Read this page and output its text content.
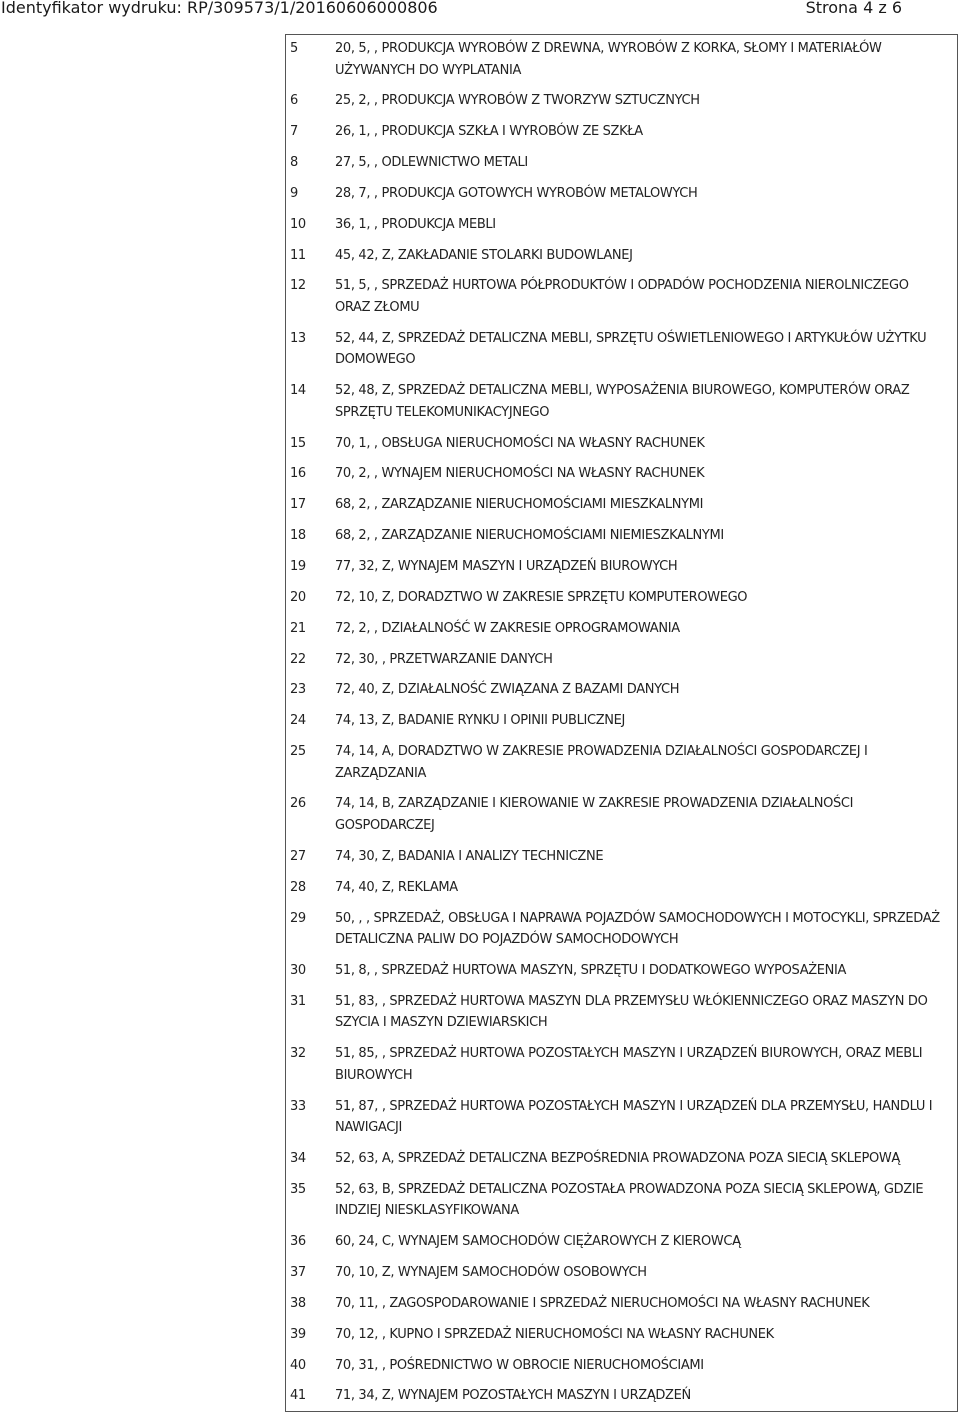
Identyfikator wydruku: RP/309573/1/20160606000806	Strona 4 z 6
5	20, 5, , PRODUKCJA WYROBÓW Z DREWNA, WYROBÓW Z KORKA, SŁOMY I MATERIAŁÓW UŻYWANYCH DO WYPLATANIA
6	25, 2, , PRODUKCJA WYROBÓW Z TWORZYW SZTUCZNYCH
7	26, 1, , PRODUKCJA SZKŁA I WYROBÓW ZE SZKŁA
8	27, 5, , ODLEWNICTWO METALI
9	28, 7, , PRODUKCJA GOTOWYCH WYROBÓW METALOWYCH
10	36, 1, , PRODUKCJA MEBLI
11	45, 42, Z, ZAKŁADANIE STOLARKI BUDOWLANEJ
12	51, 5, , SPRZEDAŻ HURTOWA PÓŁPRODUKTÓW I ODPADÓW POCHODZENIA NIEROLNICZEGO ORAZ ZŁOMU
13	52, 44, Z, SPRZEDAŻ DETALICZNA MEBLI, SPRZĘTU OŚWIETLENIOWEGO I ARTYKUŁÓW UŻYTKU DOMOWEGO
14	52, 48, Z, SPRZEDAŻ DETALICZNA MEBLI, WYPOSAŻENIA BIUROWEGO, KOMPUTERÓW ORAZ SPRZĘTU TELEKOMUNIKACYJNEGO
15	70, 1, , OBSŁUGA NIERUCHOMOŚCI NA WŁASNY RACHUNEK
16	70, 2, , WYNAJEM NIERUCHOMOŚCI NA WŁASNY RACHUNEK
17	68, 2, , ZARZĄDZANIE NIERUCHOMOŚCIAMI MIESZKALNYMI
18	68, 2, , ZARZĄDZANIE NIERUCHOMOŚCIAMI NIEMIESZKALNYMI
19	77, 32, Z, WYNAJEM MASZYN I URZĄDZEŃ BIUROWYCH
20	72, 10, Z, DORADZTWO W ZAKRESIE SPRZĘTU KOMPUTEROWEGO
21	72, 2, , DZIAŁALNOŚĆ W ZAKRESIE OPROGRAMOWANIA
22	72, 30, , PRZETWARZANIE DANYCH
23	72, 40, Z, DZIAŁALNOŚĆ ZWIĄZANA Z BAZAMI DANYCH
24	74, 13, Z, BADANIE RYNKU I OPINII PUBLICZNEJ
25	74, 14, A, DORADZTWO W ZAKRESIE PROWADZENIA DZIAŁALNOŚCI GOSPODARCZEJ I ZARZĄDZANIA
26	74, 14, B, ZARZĄDZANIE I KIEROWANIE W ZAKRESIE PROWADZENIA DZIAŁALNOŚCI GOSPODARCZEJ
27	74, 30, Z, BADANIA I ANALIZY TECHNICZNE
28	74, 40, Z, REKLAMA
29	50, , , SPRZEDAŻ, OBSŁUGA I NAPRAWA POJAZDÓW SAMOCHODOWYCH I MOTOCYKLI, SPRZEDAŻ DETALICZNA PALIW DO POJAZDÓW SAMOCHODOWYCH
30	51, 8, , SPRZEDAŻ HURTOWA MASZYN, SPRZĘTU I DODATKOWEGO WYPOSAŻENIA
31	51, 83, , SPRZEDAŻ HURTOWA MASZYN DLA PRZEMYSŁU WŁÓKIENNICZEGO ORAZ MASZYN DO SZYCIA I MASZYN DZIEWIARSKICH
32	51, 85, , SPRZEDAŻ HURTOWA POZOSTAŁYCH MASZYN I URZĄDZEŃ BIUROWYCH, ORAZ MEBLI BIUROWYCH
33	51, 87, , SPRZEDAŻ HURTOWA POZOSTAŁYCH MASZYN I URZĄDZEŃ DLA PRZEMYSŁU, HANDLU I NAWIGACJI
34	52, 63, A, SPRZEDAŻ DETALICZNA BEZPOŚREDNIA PROWADZONA POZA SIECIĄ SKLEPOWĄ
35	52, 63, B, SPRZEDAŻ DETALICZNA POZOSTAŁA PROWADZONA POZA SIECIĄ SKLEPOWĄ, GDZIE INDZIEJ NIESKLASYFIKOWANA
36	60, 24, C, WYNAJEM SAMOCHODÓW CIĘŻAROWYCH Z KIEROWCĄ
37	70, 10, Z, WYNAJEM SAMOCHODÓW OSOBOWYCH
38	70, 11, , ZAGOSPODAROWANIE I SPRZEDAŻ NIERUCHOMOŚCI NA WŁASNY RACHUNEK
39	70, 12, , KUPNO I SPRZEDAŻ NIERUCHOMOŚCI NA WŁASNY RACHUNEK
40	70, 31, , POŚREDNICTWO W OBROCIE NIERUCHOMOŚCIAMI
41	71, 34, Z, WYNAJEM POZOSTAŁYCH MASZYN I URZĄDZEŃ
